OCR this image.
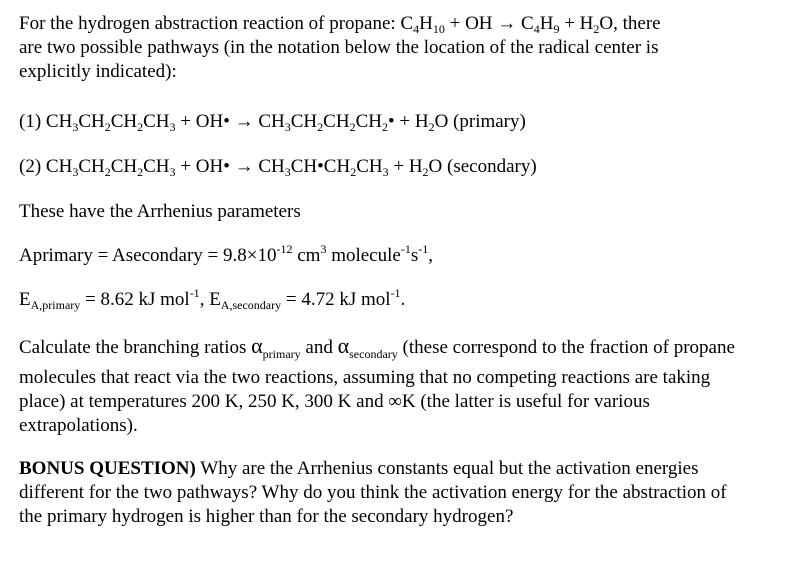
For the hydrogen abstraction reaction of propane: $C_4H_{10}$ + OH → $C_4H_9 + H_2O$, there
are two possible pathways (in the notation below the location of the radical center is
explicitly indicated):
(1) $CH_3CH_2CH_2CH_3$ + OH• → $CH_3CH_2CH_2CH_2• + H_2O$ (primary)
(2) $CH_3CH_2CH_2CH_3$ + OH• → $CH_3CH•CH_2CH_3 + H_2O$ (secondary)
These have the Arrhenius parameters
Aprimary = Asecondary = $9.8\times 10^{-12}$ $cm^3$ $molecule^{-1}s^{-1}$,
$E_{A,primary} = 8.62$ kJ mol$^{-1}$, $E_{A,secondary} = 4.72$ kJ mol$^{-1}$.
Calculate the branching ratios $\alpha_{primary}$ and $\alpha_{secondary}$ (these correspond to the fraction of propane molecules that react via the two reactions, assuming that no competing reactions are taking place) at temperatures 200 K, 250 K, 300 K and ∞K (the latter is useful for various extrapolations).
BONUS QUESTION) Why are the Arrhenius constants equal but the activation energies different for the two pathways? Why do you think the activation energy for the abstraction of the primary hydrogen is higher than for the secondary hydrogen?
